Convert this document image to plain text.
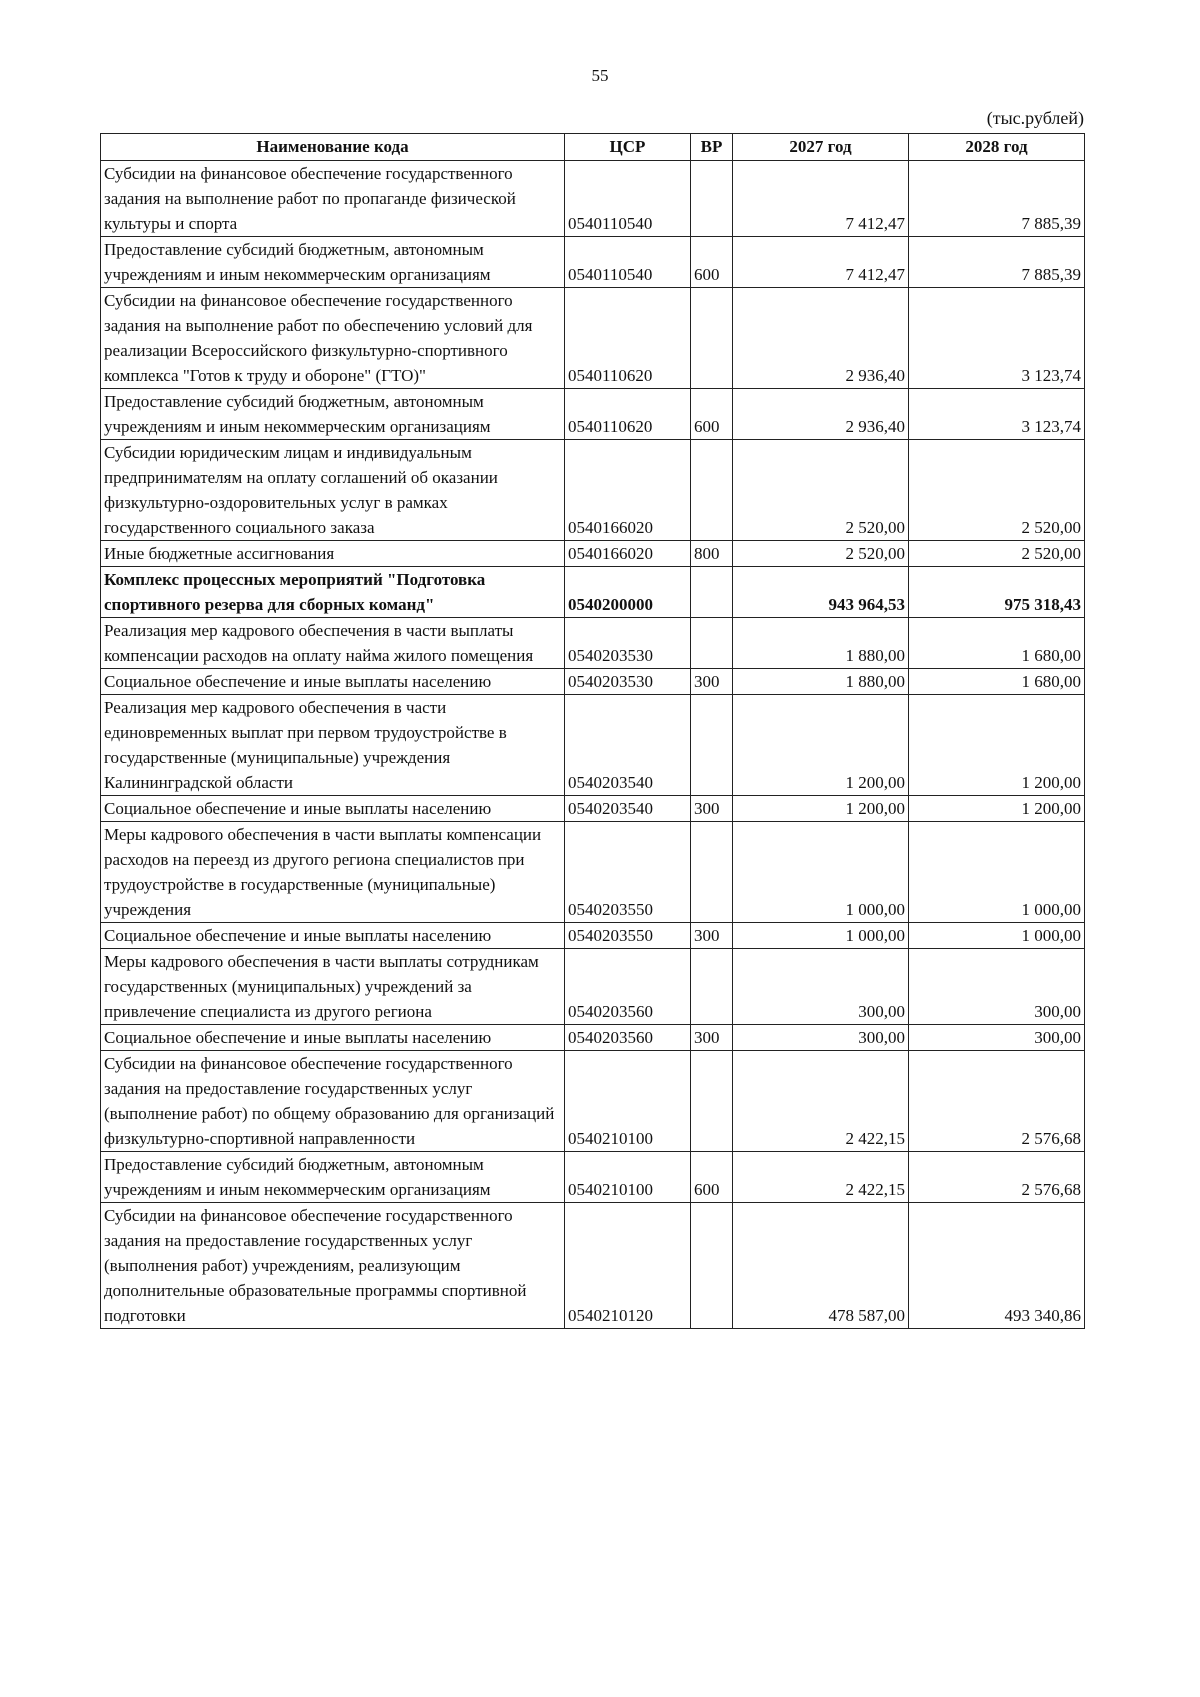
55
(тыс.рублей)
Наименование кода	ЦСР	ВР	2027 год	2028 год
Субсидии на финансовое обеспечение государственного задания на выполнение работ по пропаганде физической культуры и спорта	0540110540		7 412,47	7 885,39
Предоставление субсидий бюджетным, автономным учреждениям и иным некоммерческим организациям	0540110540	600	7 412,47	7 885,39
Субсидии на финансовое обеспечение государственного задания на выполнение работ по обеспечению условий для реализации Всероссийского физкультурно-спортивного комплекса "Готов к труду и обороне" (ГТО)"	0540110620		2 936,40	3 123,74
Предоставление субсидий бюджетным, автономным учреждениям и иным некоммерческим организациям	0540110620	600	2 936,40	3 123,74
Субсидии юридическим лицам и индивидуальным предпринимателям на оплату соглашений об оказании физкультурно-оздоровительных услуг в рамках государственного социального заказа	0540166020		2 520,00	2 520,00
Иные бюджетные ассигнования	0540166020	800	2 520,00	2 520,00
Комплекс процессных мероприятий "Подготовка спортивного резерва для сборных команд"	0540200000		943 964,53	975 318,43
Реализация мер кадрового обеспечения в части выплаты компенсации расходов на оплату найма жилого помещения	0540203530		1 880,00	1 680,00
Социальное обеспечение и иные выплаты населению	0540203530	300	1 880,00	1 680,00
Реализация мер кадрового обеспечения в части единовременных выплат при первом трудоустройстве в государственные (муниципальные) учреждения Калининградской области	0540203540		1 200,00	1 200,00
Социальное обеспечение и иные выплаты населению	0540203540	300	1 200,00	1 200,00
Меры кадрового обеспечения в части выплаты компенсации расходов на переезд из другого региона специалистов при трудоустройстве в государственные (муниципальные) учреждения	0540203550		1 000,00	1 000,00
Социальное обеспечение и иные выплаты населению	0540203550	300	1 000,00	1 000,00
Меры кадрового обеспечения в части выплаты сотрудникам государственных (муниципальных) учреждений за привлечение специалиста из другого региона	0540203560		300,00	300,00
Социальное обеспечение и иные выплаты населению	0540203560	300	300,00	300,00
Субсидии на финансовое обеспечение государственного задания на предоставление государственных услуг (выполнение работ) по общему образованию для организаций физкультурно-спортивной направленности	0540210100		2 422,15	2 576,68
Предоставление субсидий бюджетным, автономным учреждениям и иным некоммерческим организациям	0540210100	600	2 422,15	2 576,68
Субсидии на финансовое обеспечение государственного задания на предоставление государственных услуг (выполнения работ) учреждениям, реализующим дополнительные образовательные программы спортивной подготовки	0540210120		478 587,00	493 340,86
